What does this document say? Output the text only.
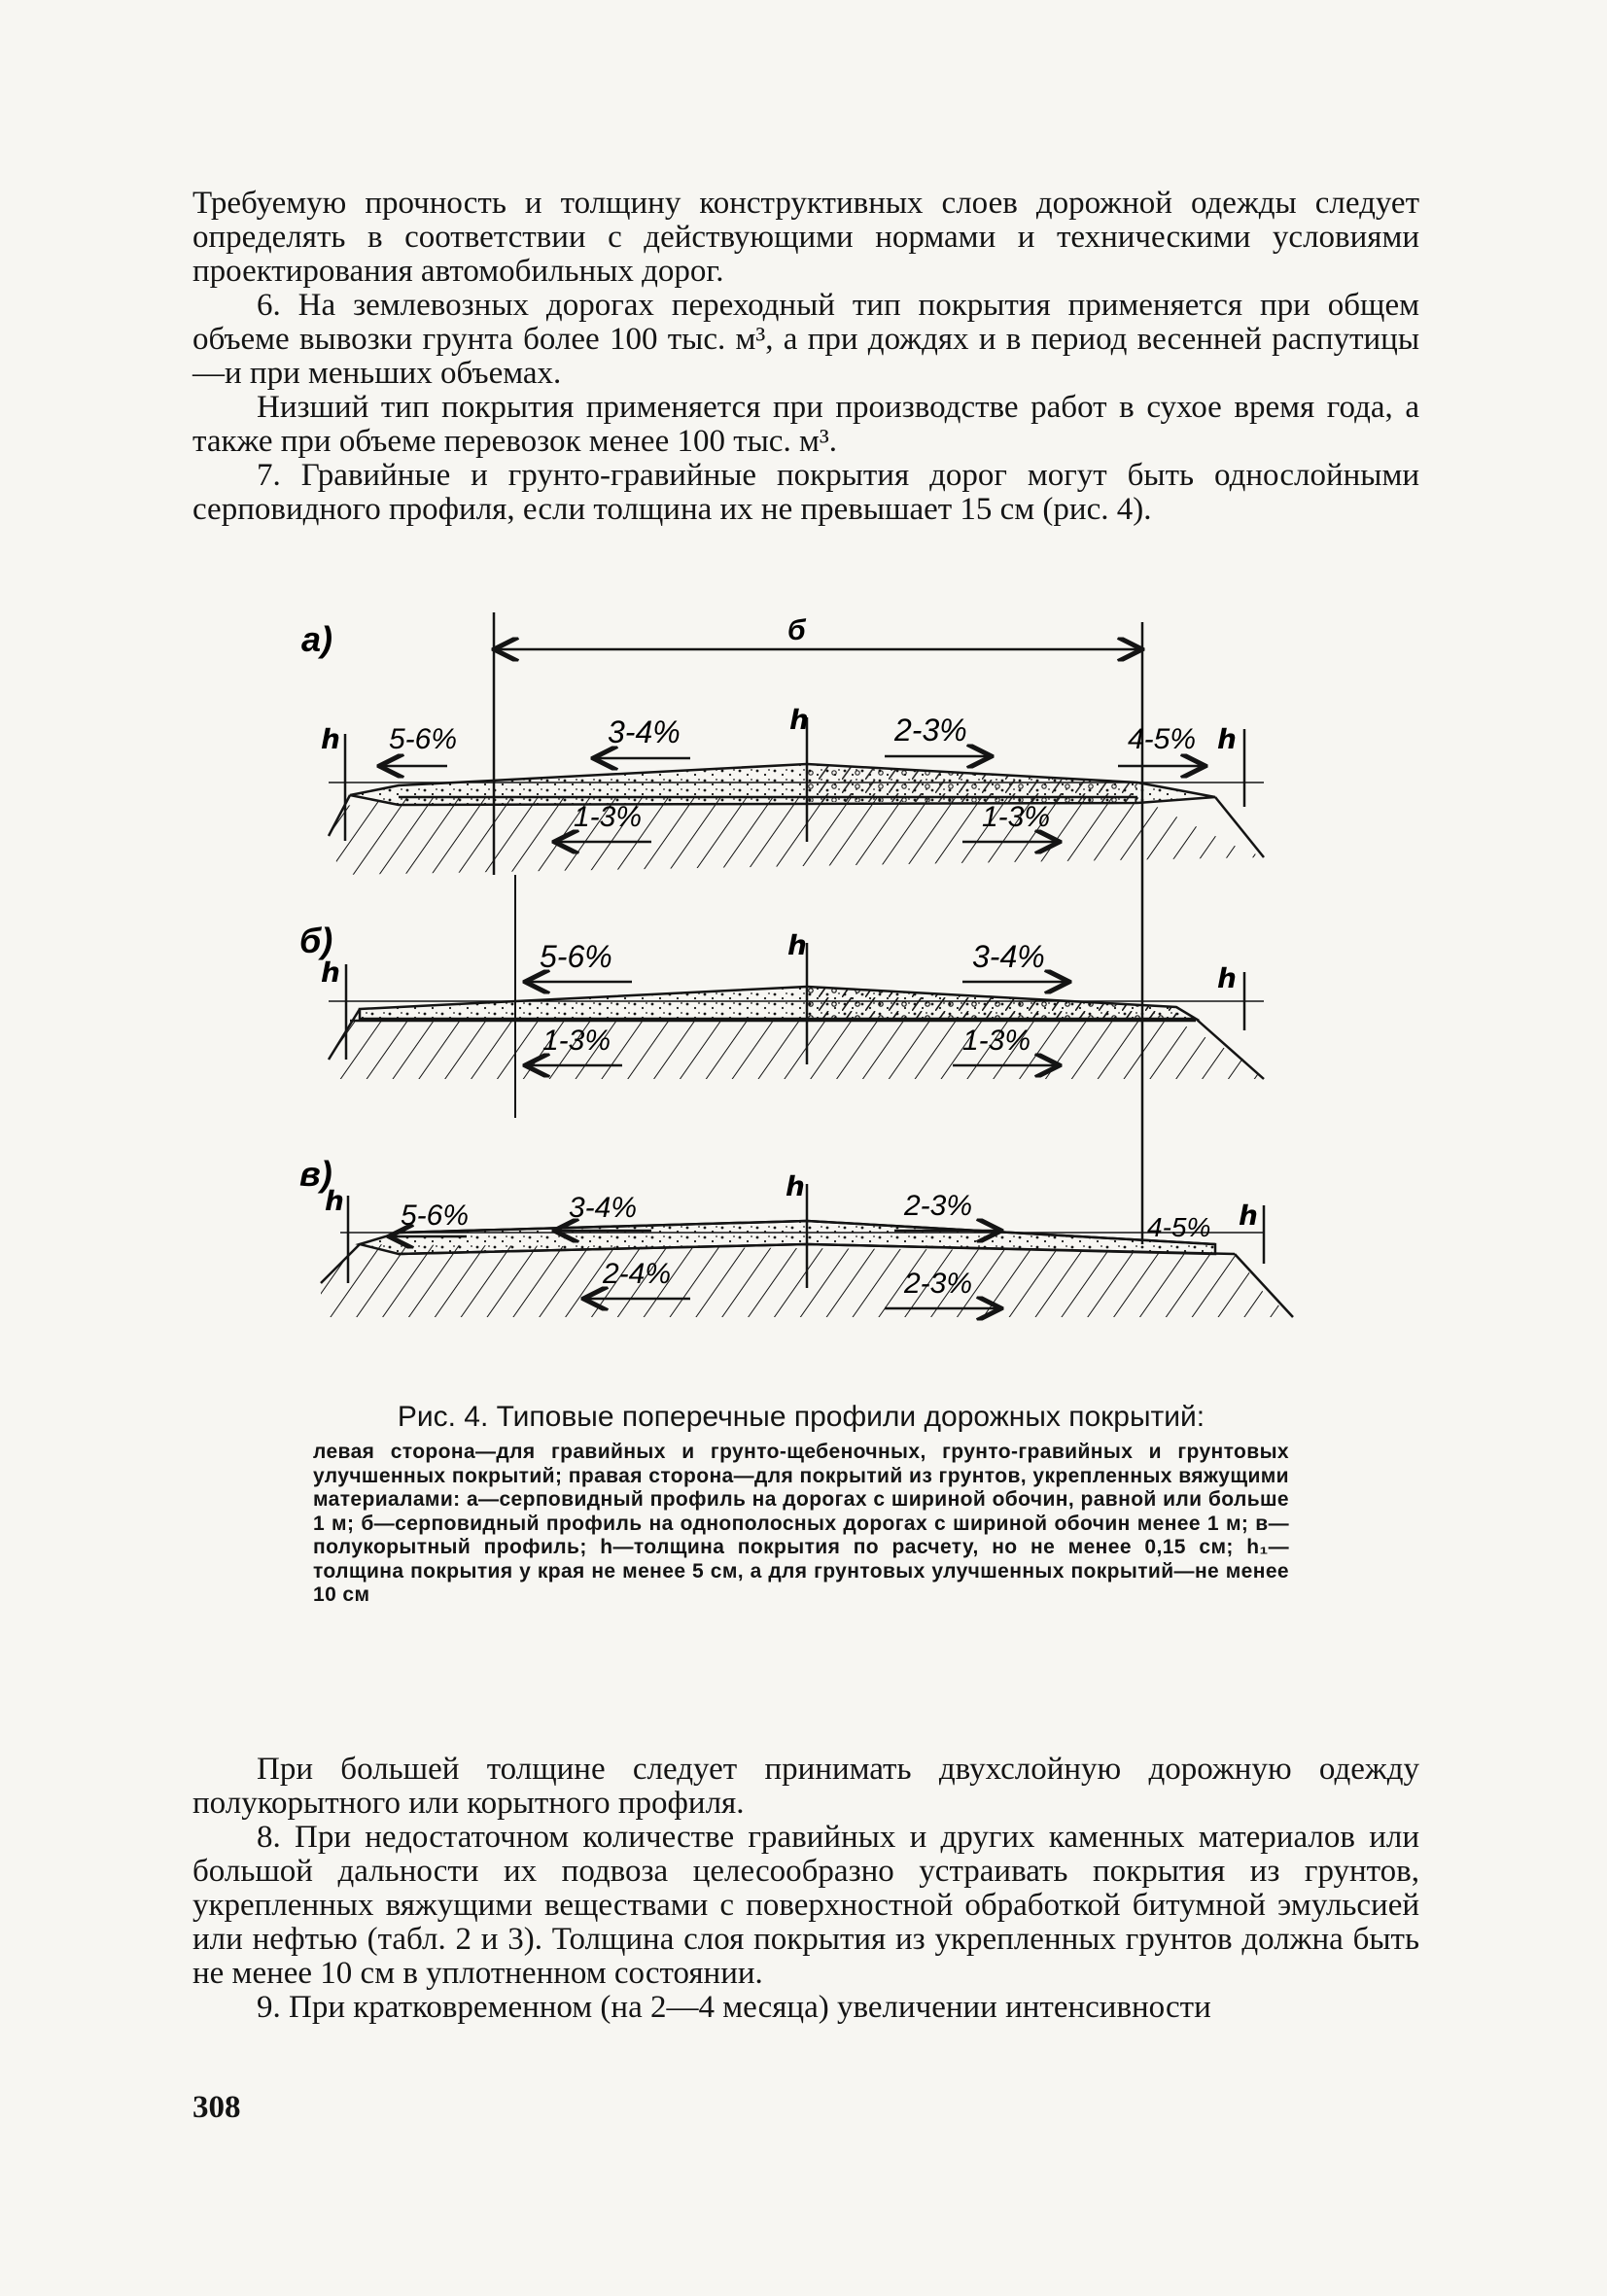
Требуемую прочность и толщину конструктивных слоев дорожной одежды следует определять в соответствии с действующими нормами и техническими условиями проектирования автомобильных дорог.

6. На землевозных дорогах переходный тип покрытия применяется при общем объеме вывозки грунта более 100 тыс. м³, а при дождях и в период весенней распутицы—и при меньших объемах.

Низший тип покрытия применяется при производстве работ в сухое время года, а также при объеме перевозок менее 100 тыс. м³.

7. Гравийные и грунто-гравийные покрытия дорог могут быть однослойными серповидного профиля, если толщина их не превышает 15 см (рис. 4).

а)	б
ℎ
ℎ
ℎ
5-6%	3-4%	2-3%	4-5%
1-3%	1-3%
б)
ℎ
ℎ
ℎ
5-6%	3-4%
1-3%	1-3%
в)
ℎ	ℎ
ℎ
5-6%	3-4%	2-3%
4-5%
2-4%	2-3%

Рис. 4. Типовые поперечные профили дорожных покрытий:

левая сторона—для гравийных и грунто-щебеночных, грунто-гравийных и грунтовых улучшенных покрытий; правая сторона—для покрытий из грунтов, укрепленных вяжущими материалами: а—серповидный профиль на дорогах с шириной обочин, равной или больше 1 м; б—серповидный профиль на однополосных дорогах с шириной обочин менее 1 м; в—полукорытный профиль; h—толщина покрытия по расчету, но не менее 0,15 см; h₁—толщина покрытия у края не менее 5 см, а для грунтовых улучшенных покрытий—не менее 10 см

При большей толщине следует принимать двухслойную дорожную одежду полукорытного или корытного профиля.

8. При недостаточном количестве гравийных и других каменных материалов или большой дальности их подвоза целесообразно устраивать покрытия из грунтов, укрепленных вяжущими веществами с поверхностной обработкой битумной эмульсией или нефтью (табл. 2 и 3). Толщина слоя покрытия из укрепленных грунтов должна быть не менее 10 см в уплотненном состоянии.

9. При кратковременном (на 2—4 месяца) увеличении интенсивности

308
